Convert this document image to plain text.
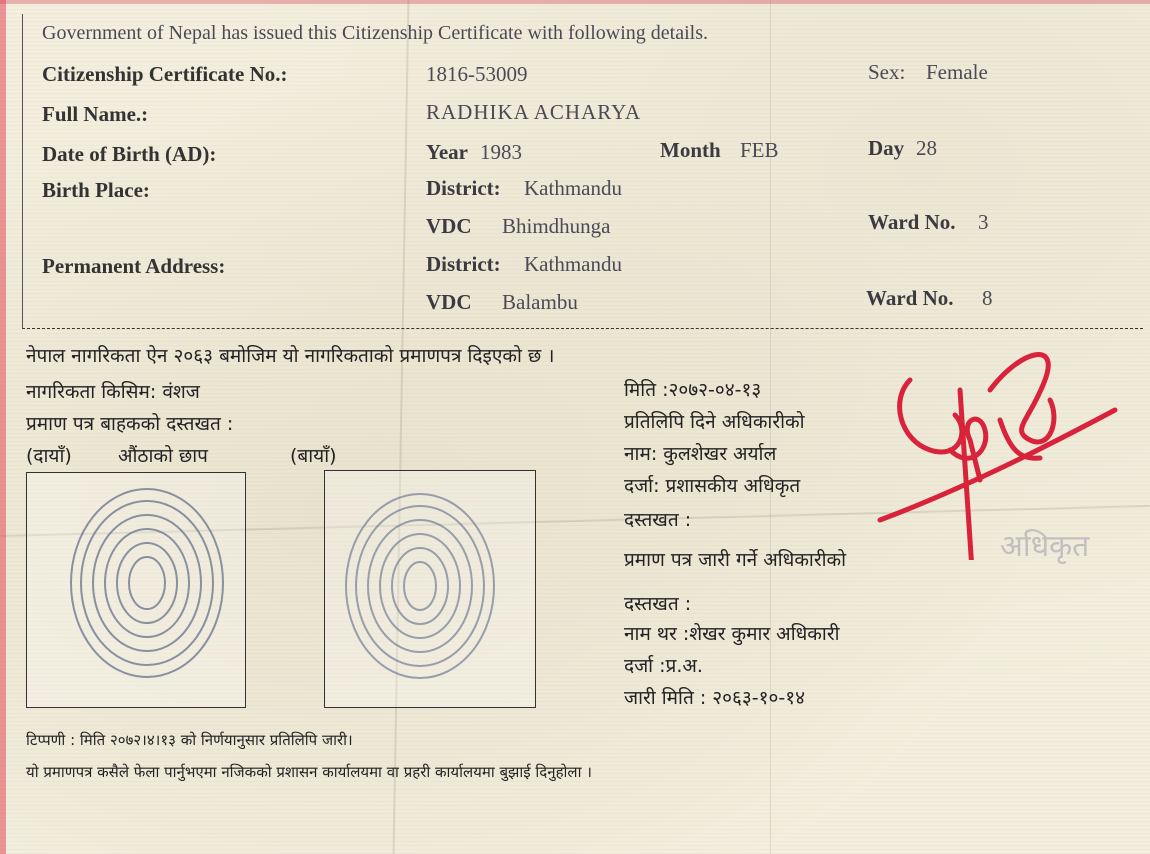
Government of Nepal has issued this Citizenship Certificate with following details.
Citizenship Certificate No.:	1816-53009	Sex: Female
Full Name.:	RADHIKA ACHARYA
Date of Birth (AD):	Year 1983	Month FEB	Day 28
Birth Place:	District: Kathmandu
VDC Bhimdhunga	Ward No. 3
Permanent Address:	District: Kathmandu
VDC Balambu	Ward No. 8
नेपाल नागरिकता ऐन २०६३ बमोजिम यो नागरिकताको प्रमाणपत्र दिइएको छ ।
नागरिकता किसिम: वंशज
प्रमाण पत्र बाहकको दस्तखत :
(दायाँ) औंठाको छाप	(बायाँ)
मिति :२०७२-०४-१३
प्रतिलिपि दिने अधिकारीको
नाम: कुलशेखर अर्याल
दर्जा: प्रशासकीय अधिकृत
दस्तखत :
प्रमाण पत्र जारी गर्ने अधिकारीको
दस्तखत :
नाम थर :शेखर कुमार अधिकारी
दर्जा :प्र.अ.
जारी मिति : २०६३-१०-१४
अधिकृत
टिप्पणी : मिति २०७२।४।१३ को निर्णयानुसार प्रतिलिपि जारी।
यो प्रमाणपत्र कसैले फेला पार्नुभएमा नजिकको प्रशासन कार्यालयमा वा प्रहरी कार्यालयमा बुझाई दिनुहोला ।
